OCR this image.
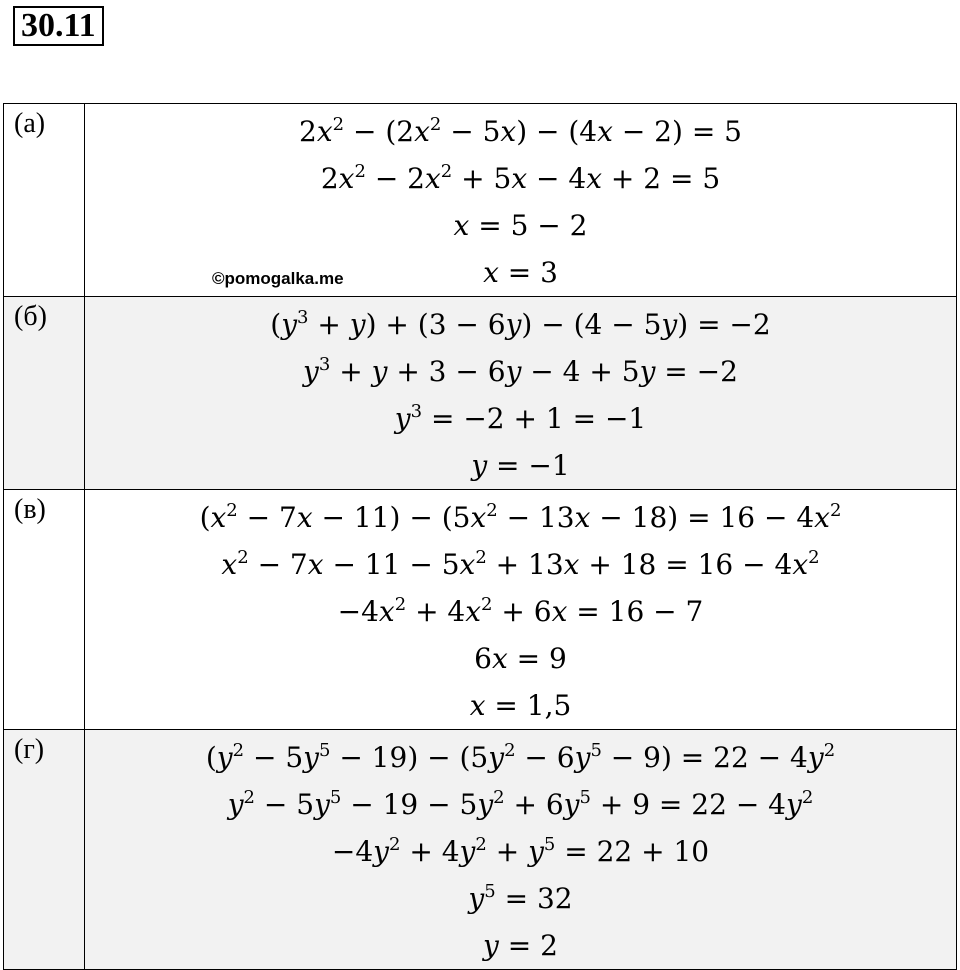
30.11
(а)	$2x^2 - (2x^2 - 5x) - (4x - 2) = 5$
$2x^2 - 2x^2 + 5x - 4x + 2 = 5$
x = 5 − 2
x = 3

(б)	$(y^3 + y) + (3 - 6y) - (4 - 5y) = -2$
$y^3 + y + 3 - 6y - 4 + 5y = -2$
$y^3 = -2 + 1 = -1$
y = −1

(в)	$(x^2 - 7x - 11) - (5x^2 - 13x - 18) = 16 - 4x^2$
$x^2 - 7x - 11 - 5x^2 + 13x + 18 = 16 - 4x^2$
$-4x^2 + 4x^2 + 6x = 16 - 7$
6x = 9
x = 1,5

(г)	$(y^2 - 5y^5 - 19) - (5y^2 - 6y^5 - 9) = 22 - 4y^2$
$y^2 - 5y^5 - 19 - 5y^2 + 6y^5 + 9 = 22 - 4y^2$
$-4y^2 + 4y^2 + y^5 = 22 + 10$
$y^5 = 32$
y = 2
©pomogalka.me
